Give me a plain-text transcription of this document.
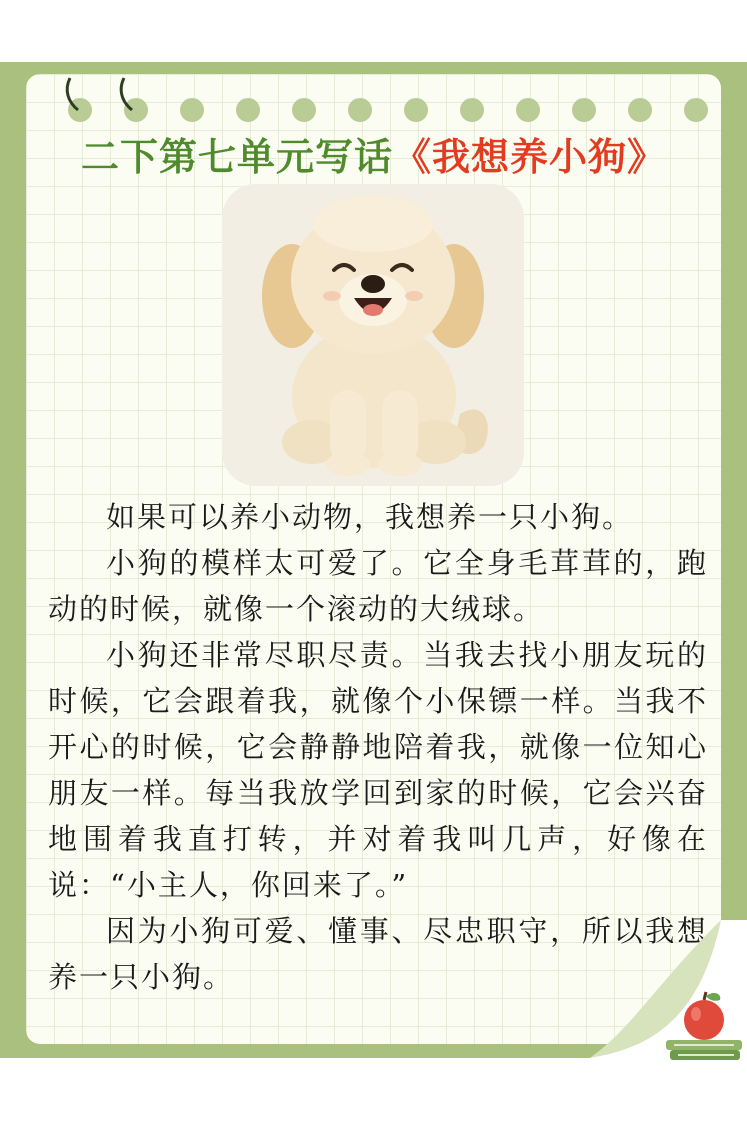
二下第七单元写话《我想养小狗》

如果可以养小动物，我想养一只小狗。

小狗的模样太可爱了。它全身毛茸茸的，跑动的时候，就像一个滚动的大绒球。

小狗还非常尽职尽责。当我去找小朋友玩的时候，它会跟着我，就像个小保镖一样。当我不开心的时候，它会静静地陪着我，就像一位知心朋友一样。每当我放学回到家的时候，它会兴奋地围着我直打转，并对着我叫几声，好像在说：“小主人，你回来了。”

因为小狗可爱、懂事、尽忠职守，所以我想养一只小狗。
